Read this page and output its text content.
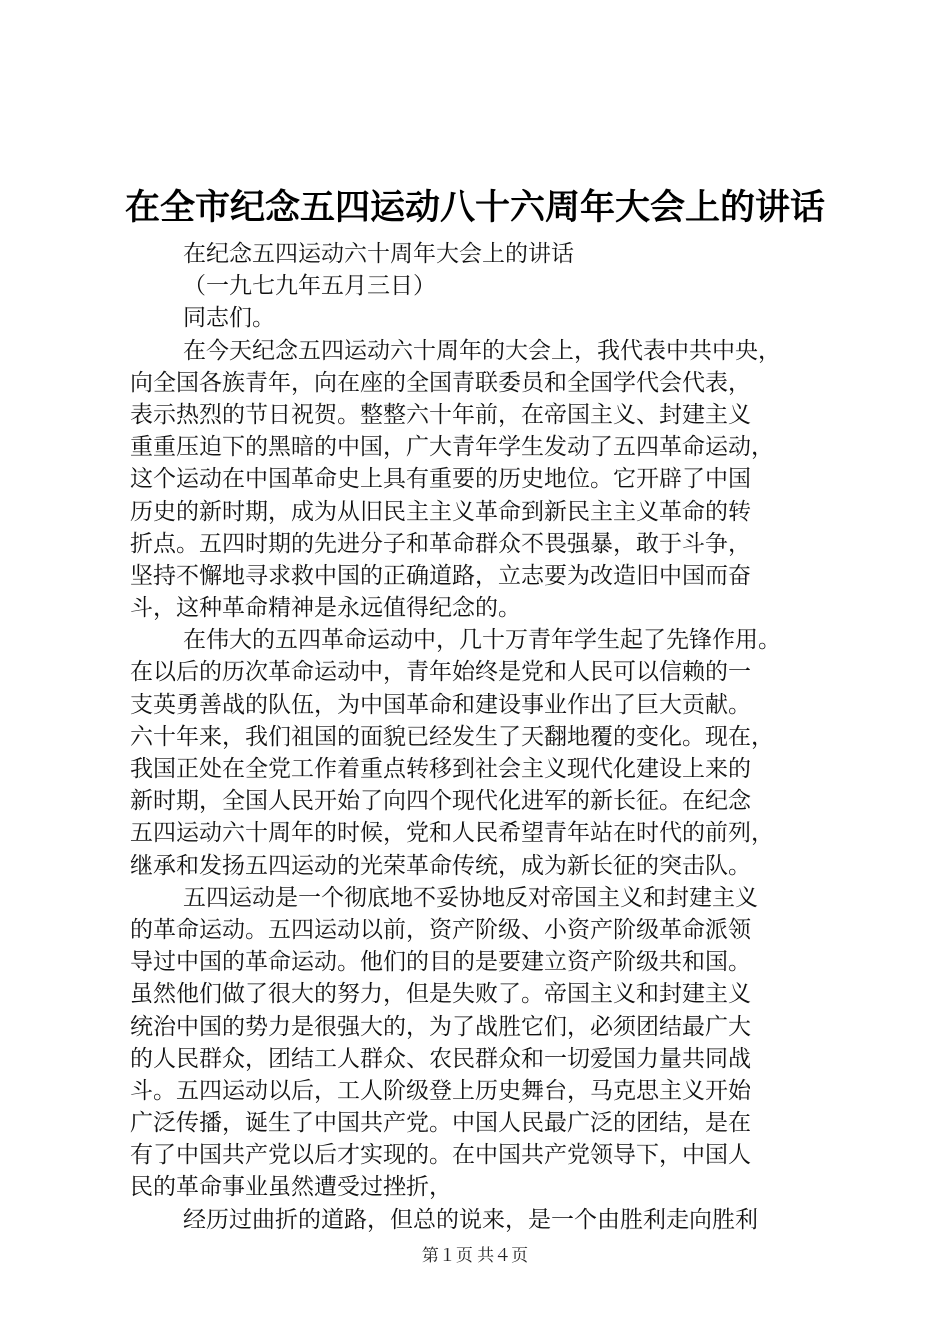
在全市纪念五四运动八十六周年大会上的讲话
在纪念五四运动六十周年大会上的讲话
（一九七九年五月三日）
同志们。
在今天纪念五四运动六十周年的大会上，我代表中共中央，
向全国各族青年，向在座的全国青联委员和全国学代会代表，
表示热烈的节日祝贺。整整六十年前，在帝国主义、封建主义
重重压迫下的黑暗的中国，广大青年学生发动了五四革命运动，
这个运动在中国革命史上具有重要的历史地位。它开辟了中国
历史的新时期，成为从旧民主主义革命到新民主主义革命的转
折点。五四时期的先进分子和革命群众不畏强暴，敢于斗争，
坚持不懈地寻求救中国的正确道路，立志要为改造旧中国而奋
斗，这种革命精神是永远值得纪念的。
在伟大的五四革命运动中，几十万青年学生起了先锋作用。
在以后的历次革命运动中，青年始终是党和人民可以信赖的一
支英勇善战的队伍，为中国革命和建设事业作出了巨大贡献。
六十年来，我们祖国的面貌已经发生了天翻地覆的变化。现在，
我国正处在全党工作着重点转移到社会主义现代化建设上来的
新时期，全国人民开始了向四个现代化进军的新长征。在纪念
五四运动六十周年的时候，党和人民希望青年站在时代的前列，
继承和发扬五四运动的光荣革命传统，成为新长征的突击队。
五四运动是一个彻底地不妥协地反对帝国主义和封建主义
的革命运动。五四运动以前，资产阶级、小资产阶级革命派领
导过中国的革命运动。他们的目的是要建立资产阶级共和国。
虽然他们做了很大的努力，但是失败了。帝国主义和封建主义
统治中国的势力是很强大的，为了战胜它们，必须团结最广大
的人民群众，团结工人群众、农民群众和一切爱国力量共同战
斗。五四运动以后，工人阶级登上历史舞台，马克思主义开始
广泛传播，诞生了中国共产党。中国人民最广泛的团结，是在
有了中国共产党以后才实现的。在中国共产党领导下，中国人
民的革命事业虽然遭受过挫折，
经历过曲折的道路，但总的说来，是一个由胜利走向胜利
第１页 共４页
